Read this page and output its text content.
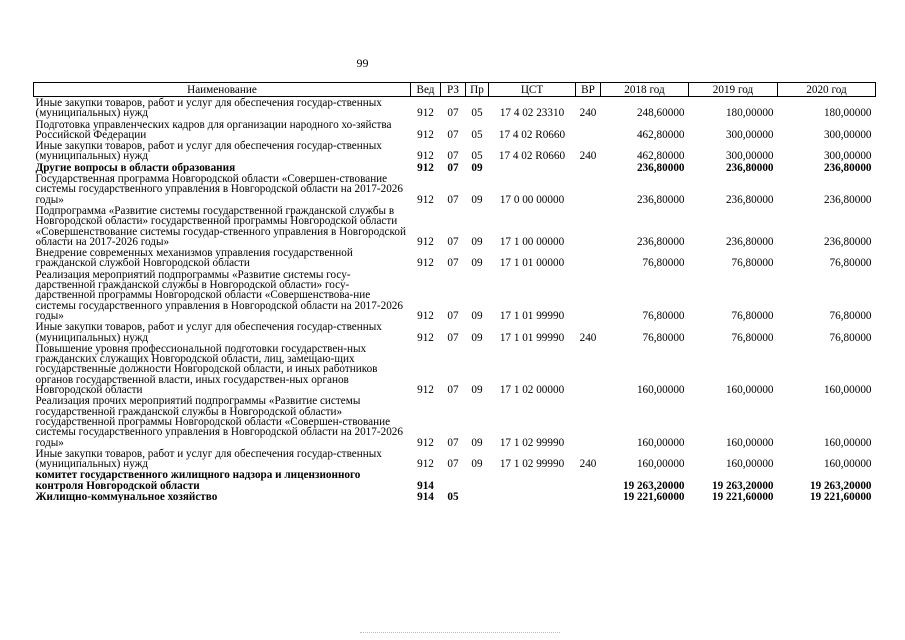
99
Наименование	Вед	РЗ	Пр	ЦСТ	ВР	2018 год	2019 год	2020 год
Иные закупки товаров, работ и услуг для обеспечения государ-ственных (муниципальных) нужд	912	07	05	17 4 02 23310	240	248,60000	180,00000	180,00000
Подготовка управленческих кадров для организации народного хо-зяйства Российской Федерации	912	07	05	17 4 02 R0660		462,80000	300,00000	300,00000
Иные закупки товаров, работ и услуг для обеспечения государ-ственных (муниципальных) нужд	912	07	05	17 4 02 R0660	240	462,80000	300,00000	300,00000
Другие вопросы в области образования	912	07	09			236,80000	236,80000	236,80000
Государственная программа Новгородской области «Совершен-ствование системы государственного управления в Новгородской области на 2017-2026 годы»	912	07	09	17 0 00 00000		236,80000	236,80000	236,80000
Подпрограмма «Развитие системы государственной гражданской службы в Новгородской области» государственной программы Новгородской области «Совершенствование системы государ-ственного управления в Новгородской области на 2017-2026 годы»	912	07	09	17 1 00 00000		236,80000	236,80000	236,80000
Внедрение современных механизмов управления государственной гражданской службой Новгородской области	912	07	09	17 1 01 00000		76,80000	76,80000	76,80000
Реализация мероприятий подпрограммы «Развитие системы госу-дарственной гражданской службы в Новгородской области» госу-дарственной программы Новгородской области «Совершенствова-ние системы государственного управления в Новгородской области на 2017-2026 годы»	912	07	09	17 1 01 99990		76,80000	76,80000	76,80000
Иные закупки товаров, работ и услуг для обеспечения государ-ственных (муниципальных) нужд	912	07	09	17 1 01 99990	240	76,80000	76,80000	76,80000
Повышение уровня профессиональной подготовки государствен-ных гражданских служащих Новгородской области, лиц, замещаю-щих государственные должности Новгородской области, и иных работников органов государственной власти, иных государствен-ных органов Новгородской области	912	07	09	17 1 02 00000		160,00000	160,00000	160,00000
Реализация прочих мероприятий подпрограммы «Развитие системы государственной гражданской службы в Новгородской области» государственной программы Новгородской области «Совершен-ствование системы государственного управления в Новгородской области на 2017-2026 годы»	912	07	09	17 1 02 99990		160,00000	160,00000	160,00000
Иные закупки товаров, работ и услуг для обеспечения государ-ственных (муниципальных) нужд	912	07	09	17 1 02 99990	240	160,00000	160,00000	160,00000
комитет государственного жилищного надзора и лицензионного контроля Новгородской области	914					19 263,20000	19 263,20000	19 263,20000
Жилищно-коммунальное хозяйство	914	05				19 221,60000	19 221,60000	19 221,60000
